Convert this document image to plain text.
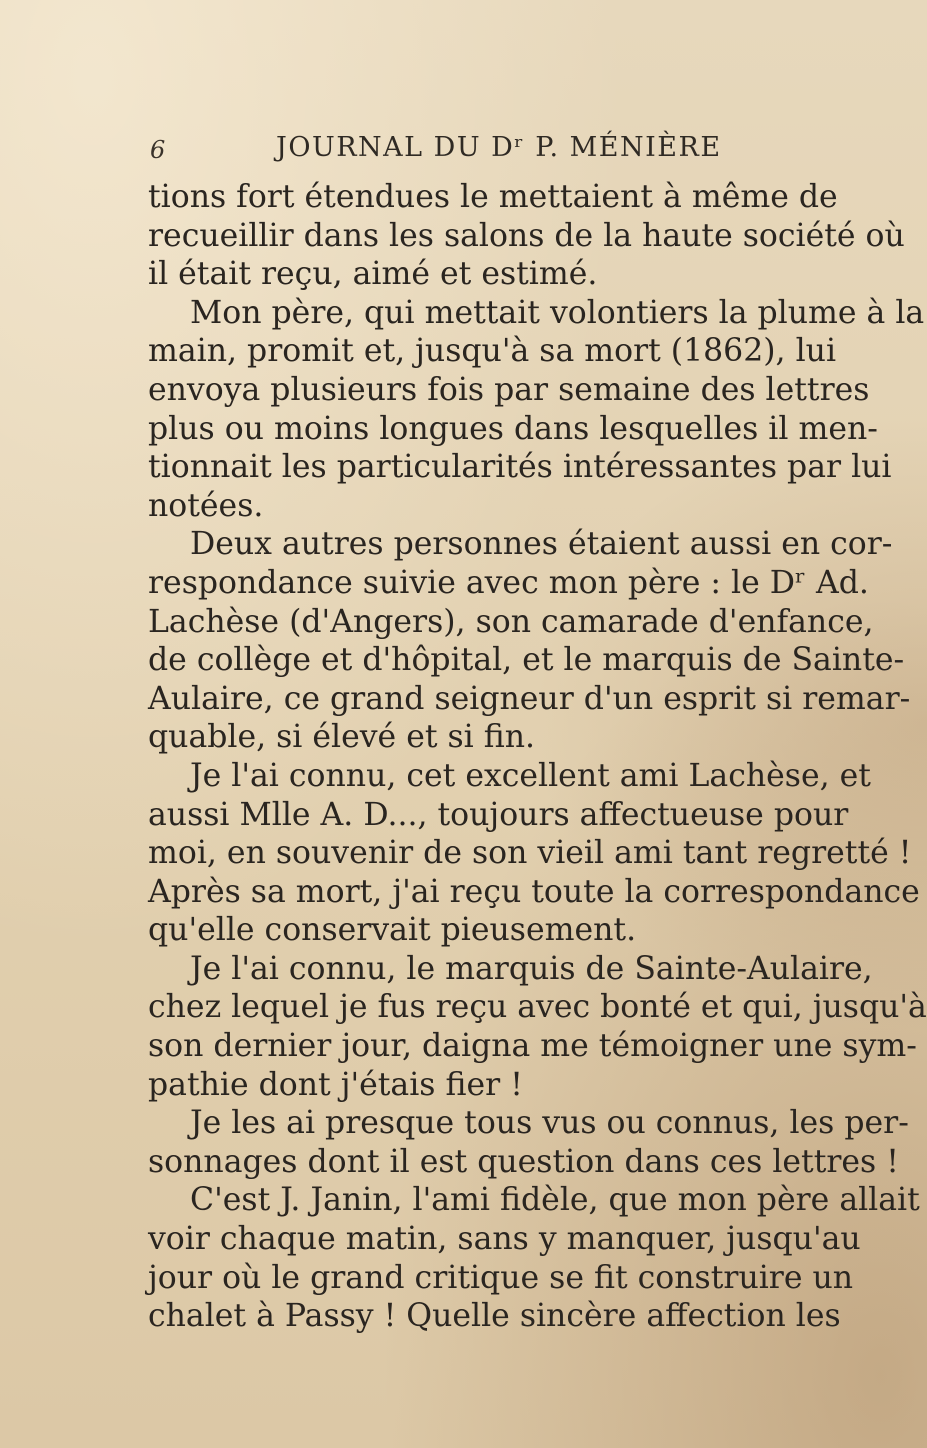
6	JOURNAL DU Dʳ P. MÉNIÈRE
tions fort étendues le mettaient à même de
recueillir dans les salons de la haute société où
il était reçu, aimé et estimé.
Mon père, qui mettait volontiers la plume à la
main, promit et, jusqu'à sa mort (1862), lui
envoya plusieurs fois par semaine des lettres
plus ou moins longues dans lesquelles il men-
tionnait les particularités intéressantes par lui
notées.
Deux autres personnes étaient aussi en cor-
respondance suivie avec mon père : le Dʳ Ad.
Lachèse (d'Angers), son camarade d'enfance,
de collège et d'hôpital, et le marquis de Sainte-
Aulaire, ce grand seigneur d'un esprit si remar-
quable, si élevé et si fin.
Je l'ai connu, cet excellent ami Lachèse, et
aussi Mlle A. D..., toujours affectueuse pour
moi, en souvenir de son vieil ami tant regretté !
Après sa mort, j'ai reçu toute la correspondance
qu'elle conservait pieusement.
Je l'ai connu, le marquis de Sainte-Aulaire,
chez lequel je fus reçu avec bonté et qui, jusqu'à
son dernier jour, daigna me témoigner une sym-
pathie dont j'étais fier !
Je les ai presque tous vus ou connus, les per-
sonnages dont il est question dans ces lettres !
C'est J. Janin, l'ami fidèle, que mon père allait
voir chaque matin, sans y manquer, jusqu'au
jour où le grand critique se fit construire un
chalet à Passy ! Quelle sincère affection les
